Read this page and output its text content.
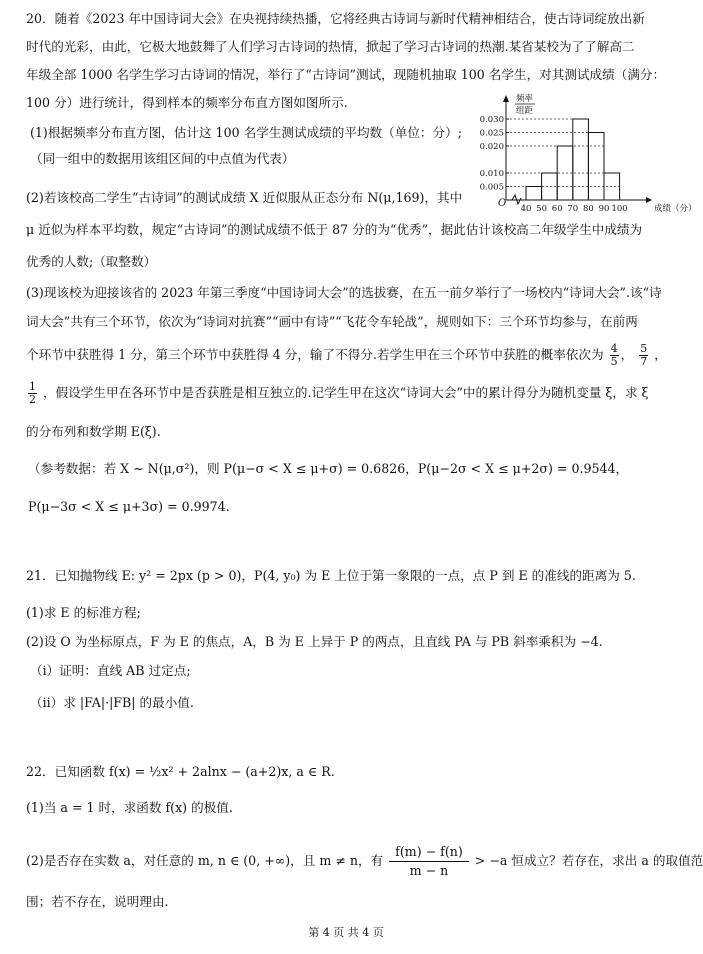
20．随着《2023 年中国诗词大会》在央视持续热播，它将经典古诗词与新时代精神相结合，使古诗词绽放出新
时代的光彩，由此，它极大地鼓舞了人们学习古诗词的热情，掀起了学习古诗词的热潮.某省某校为了了解高二
年级全部 1000 名学生学习古诗词的情况，举行了“古诗词”测试，现随机抽取 100 名学生，对其测试成绩（满分：
100 分）进行统计，得到样本的频率分布直方图如图所示.
(1)根据频率分布直方图，估计这 100 名学生测试成绩的平均数（单位：分）;
（同一组中的数据用该组区间的中点值为代表）
(2)若该校高二学生“古诗词”的测试成绩 X 近似服从正态分布 N(μ,169)，其中
μ 近似为样本平均数，规定“古诗词”的测试成绩不低于 87 分的为“优秀”，据此估计该校高二年级学生中成绩为
优秀的人数;（取整数）
(3)现该校为迎接该省的 2023 年第三季度“中国诗词大会”的选拔赛，在五一前夕举行了一场校内“诗词大会”.该“诗
词大会”共有三个环节，依次为“诗词对抗赛”“画中有诗”“飞花令车轮战”，规则如下：三个环节均参与，在前两
个环节中获胜得 1 分，第三个环节中获胜得 4 分，输了不得分.若学生甲在三个环节中获胜的概率依次为 $\frac{4}{5}$ ， $\frac{5}{7}$ ，
$\frac{1}{2}$ ，假设学生甲在各环节中是否获胜是相互独立的.记学生甲在这次“诗词大会”中的累计得分为随机变量 ξ，求 ξ
的分布列和数学期 E(ξ).
（参考数据：若 X ~ N(μ,σ²)，则 P(μ−σ < X ≤ μ+σ) = 0.6826，P(μ−2σ < X ≤ μ+2σ) = 0.9544，
P(μ−3σ < X ≤ μ+3σ) = 0.9974.
0.005
0.010
0.020
0.025
0.030
40 50 60 70 80 90 100
O	成绩（分）
频率
组距
21．已知抛物线 E: y² = 2px (p > 0)，P(4, y₀) 为 E 上位于第一象限的一点，点 P 到 E 的准线的距离为 5.
(1)求 E 的标准方程;
(2)设 O 为坐标原点，F 为 E 的焦点，A，B 为 E 上异于 P 的两点，且直线 PA 与 PB 斜率乘积为 −4.
（i）证明：直线 AB 过定点;
（ii）求 |FA|·|FB| 的最小值.
22．已知函数 f(x) = ½x² + 2alnx − (a+2)x, a ∈ R.
(1)当 a = 1 时，求函数 f(x) 的极值.
(2)是否存在实数 a，对任意的 m, n ∈ (0, +∞)，且 m ≠ n，有 $\frac{f(m) - f(n)}{m - n} > -a$ 恒成立？若存在，求出 a 的取值范
围；若不存在，说明理由.
第 4 页 共 4 页
